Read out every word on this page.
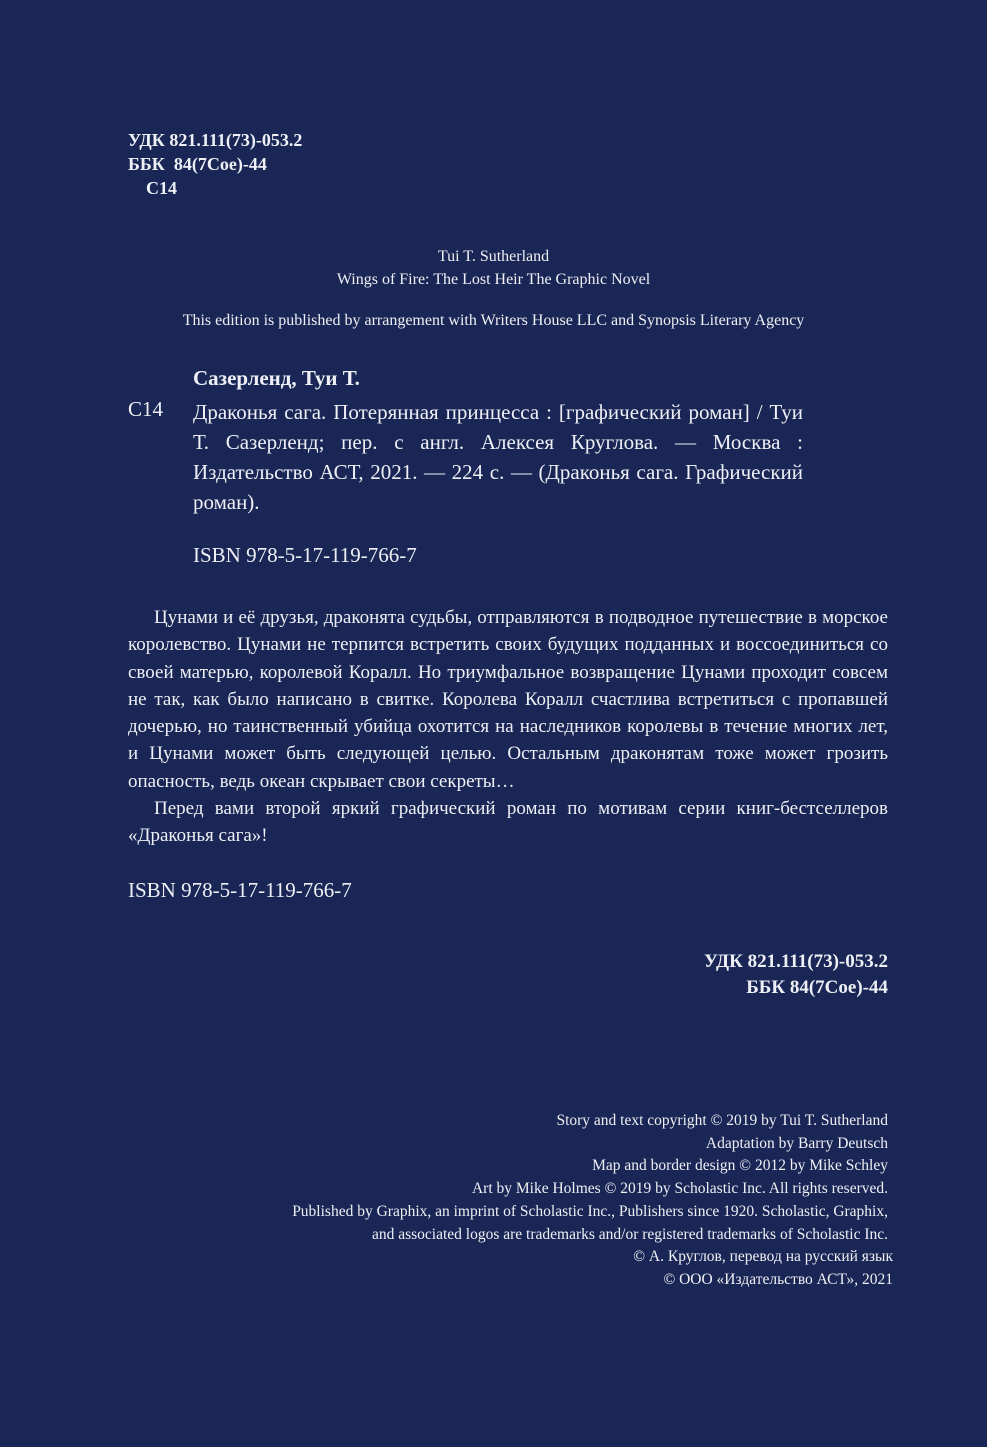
УДК 821.111(73)-053.2
ББК  84(7Сое)-44
С14
Tui T. Sutherland
Wings of Fire: The Lost Heir The Graphic Novel
This edition is published by arrangement with Writers House LLC and Synopsis Literary Agency
Сазерленд, Туи Т.
С14 Драконья сага. Потерянная принцесса : [графический роман] / Туи Т. Сазерленд; пер. с англ. Алексея Круглова. — Москва : Издательство АСТ, 2021. — 224 с. — (Драконья сага. Графический роман).
ISBN 978-5-17-119-766-7

Цунами и её друзья, драконята судьбы, отправляются в подводное путешествие в морское королевство. Цунами не терпится встретить своих будущих подданных и воссоединиться со своей матерью, королевой Коралл. Но триумфальное возвращение Цунами проходит совсем не так, как было написано в свитке. Королева Коралл счастлива встретиться с пропавшей дочерью, но таинственный убийца охотится на наследников королевы в течение многих лет, и Цунами может быть следующей целью. Остальным драконятам тоже может грозить опасность, ведь океан скрывает свои секреты…

Перед вами второй яркий графический роман по мотивам серии книг-бестселлеров «Драконья сага»!

ISBN 978-5-17-119-766-7
УДК 821.111(73)-053.2
ББК 84(7Сое)-44
Story and text copyright © 2019 by Tui T. Sutherland
Adaptation by Barry Deutsch
Map and border design © 2012 by Mike Schley
Art by Mike Holmes © 2019 by Scholastic Inc. All rights reserved.
Published by Graphix, an imprint of Scholastic Inc., Publishers since 1920. Scholastic, Graphix,
and associated logos are trademarks and/or registered trademarks of Scholastic Inc.
© А. Круглов, перевод на русский язык
© ООО «Издательство АСТ», 2021
